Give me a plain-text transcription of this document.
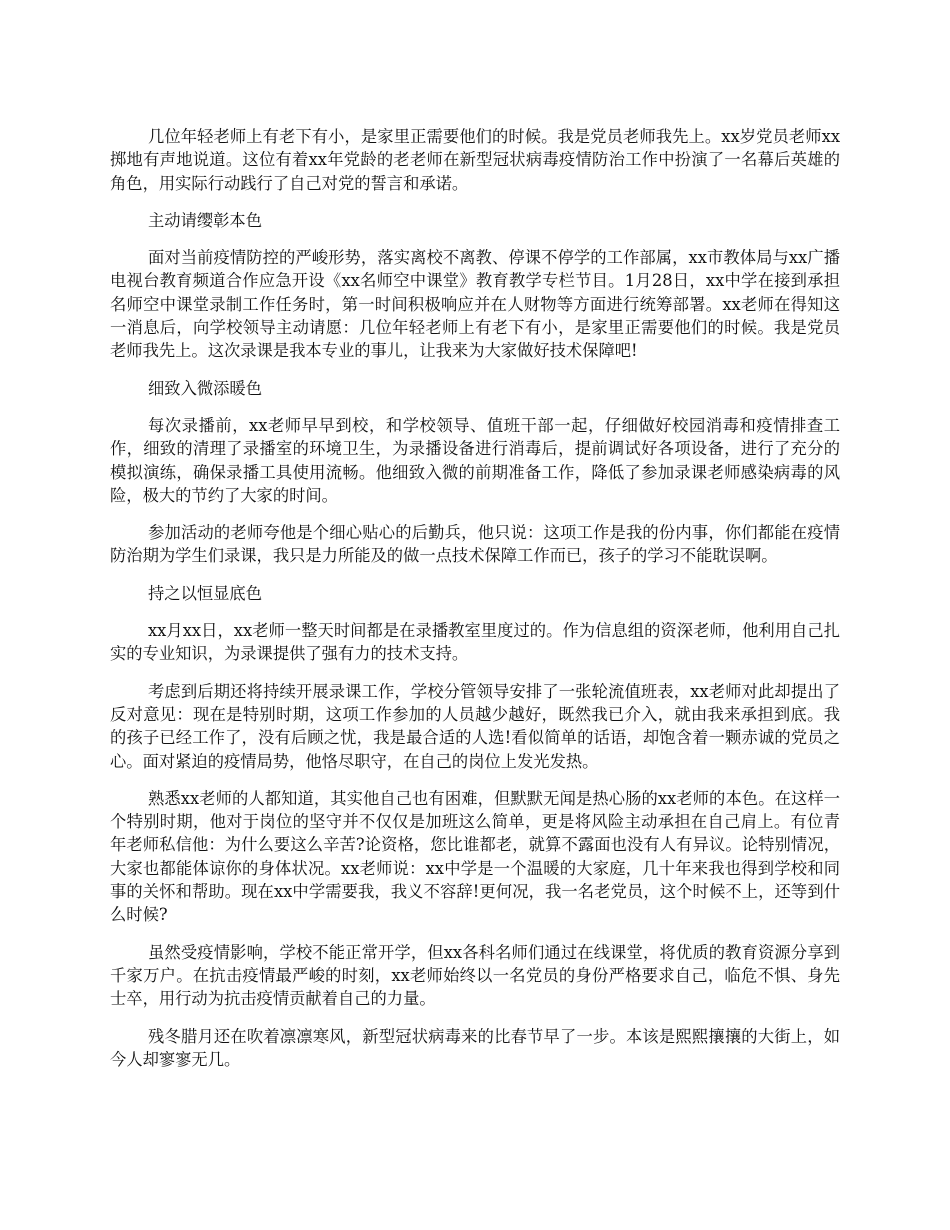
几位年轻老师上有老下有小，是家里正需要他们的时候。我是党员老师我先上。xx岁党员老师xx掷地有声地说道。这位有着xx年党龄的老老师在新型冠状病毒疫情防治工作中扮演了一名幕后英雄的角色，用实际行动践行了自己对党的誓言和承诺。

主动请缨彰本色

面对当前疫情防控的严峻形势，落实离校不离教、停课不停学的工作部属，xx市教体局与xx广播电视台教育频道合作应急开设《xx名师空中课堂》教育教学专栏节目。1月28日，xx中学在接到承担名师空中课堂录制工作任务时，第一时间积极响应并在人财物等方面进行统筹部署。xx老师在得知这一消息后，向学校领导主动请愿：几位年轻老师上有老下有小，是家里正需要他们的时候。我是党员老师我先上。这次录课是我本专业的事儿，让我来为大家做好技术保障吧!

细致入微添暖色

每次录播前，xx老师早早到校，和学校领导、值班干部一起，仔细做好校园消毒和疫情排查工作，细致的清理了录播室的环境卫生，为录播设备进行消毒后，提前调试好各项设备，进行了充分的模拟演练，确保录播工具使用流畅。他细致入微的前期准备工作，降低了参加录课老师感染病毒的风险，极大的节约了大家的时间。

参加活动的老师夸他是个细心贴心的后勤兵，他只说：这项工作是我的份内事，你们都能在疫情防治期为学生们录课，我只是力所能及的做一点技术保障工作而已，孩子的学习不能耽误啊。

持之以恒显底色

xx月xx日，xx老师一整天时间都是在录播教室里度过的。作为信息组的资深老师，他利用自己扎实的专业知识，为录课提供了强有力的技术支持。

考虑到后期还将持续开展录课工作，学校分管领导安排了一张轮流值班表，xx老师对此却提出了反对意见：现在是特别时期，这项工作参加的人员越少越好，既然我已介入，就由我来承担到底。我的孩子已经工作了，没有后顾之忧，我是最合适的人选!看似简单的话语，却饱含着一颗赤诚的党员之心。面对紧迫的疫情局势，他恪尽职守，在自己的岗位上发光发热。

熟悉xx老师的人都知道，其实他自己也有困难，但默默无闻是热心肠的xx老师的本色。在这样一个特别时期，他对于岗位的坚守并不仅仅是加班这么简单，更是将风险主动承担在自己肩上。有位青年老师私信他：为什么要这么辛苦?论资格，您比谁都老，就算不露面也没有人有异议。论特别情况，大家也都能体谅你的身体状况。xx老师说：xx中学是一个温暖的大家庭，几十年来我也得到学校和同事的关怀和帮助。现在xx中学需要我，我义不容辞!更何况，我一名老党员，这个时候不上，还等到什么时候?

虽然受疫情影响，学校不能正常开学，但xx各科名师们通过在线课堂，将优质的教育资源分享到千家万户。在抗击疫情最严峻的时刻，xx老师始终以一名党员的身份严格要求自己，临危不惧、身先士卒，用行动为抗击疫情贡献着自己的力量。

残冬腊月还在吹着凛凛寒风，新型冠状病毒来的比春节早了一步。本该是熙熙攘攘的大街上，如今人却寥寥无几。
